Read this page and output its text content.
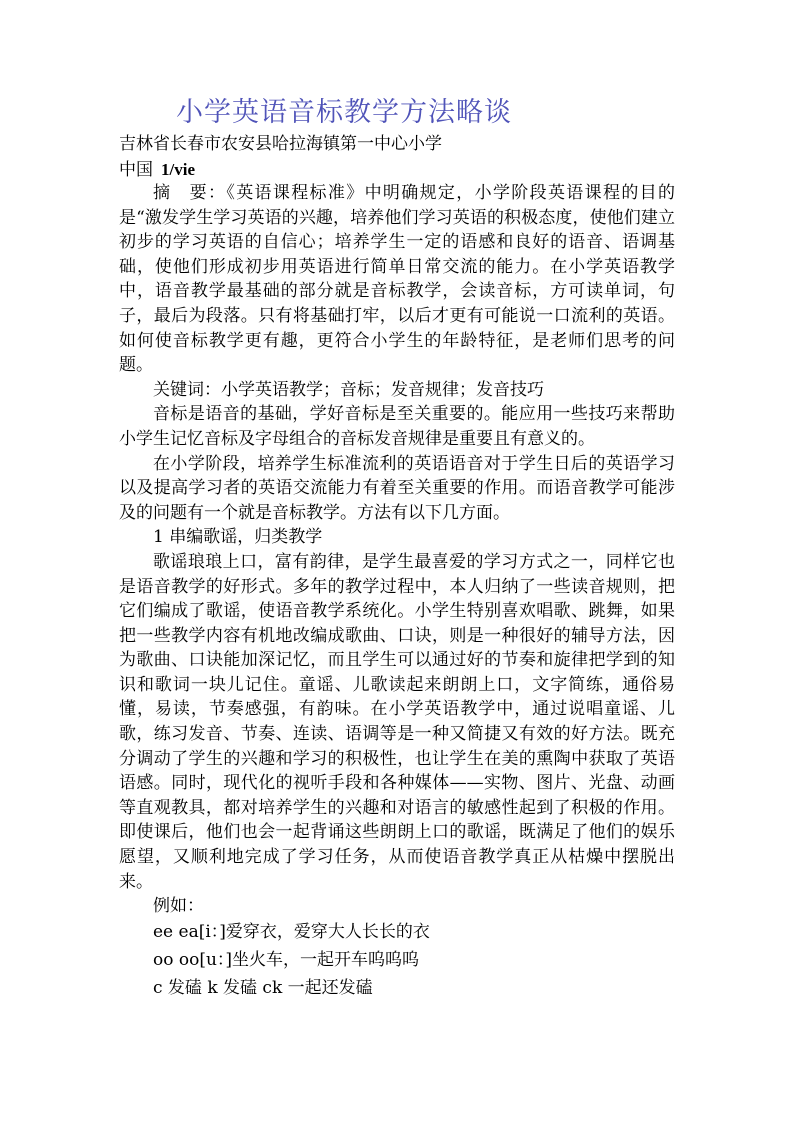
小学英语音标教学方法略谈
吉林省长春市农安县哈拉海镇第一中心小学
中国 1/vie

摘　要：《英语课程标准》中明确规定，小学阶段英语课程的目的是“激发学生学习英语的兴趣，培养他们学习英语的积极态度，使他们建立初步的学习英语的自信心；培养学生一定的语感和良好的语音、语调基础，使他们形成初步用英语进行简单日常交流的能力。在小学英语教学中，语音教学最基础的部分就是音标教学，会读音标，方可读单词，句子，最后为段落。只有将基础打牢，以后才更有可能说一口流利的英语。如何使音标教学更有趣，更符合小学生的年龄特征，是老师们思考的问题。

关键词：小学英语教学；音标；发音规律；发音技巧

音标是语音的基础，学好音标是至关重要的。能应用一些技巧来帮助小学生记忆音标及字母组合的音标发音规律是重要且有意义的。

在小学阶段，培养学生标准流利的英语语音对于学生日后的英语学习以及提高学习者的英语交流能力有着至关重要的作用。而语音教学可能涉及的问题有一个就是音标教学。方法有以下几方面。

1 串编歌谣，归类教学

歌谣琅琅上口，富有韵律，是学生最喜爱的学习方式之一，同样它也是语音教学的好形式。多年的教学过程中，本人归纳了一些读音规则，把它们编成了歌谣，使语音教学系统化。小学生特别喜欢唱歌、跳舞，如果把一些教学内容有机地改编成歌曲、口诀，则是一种很好的辅导方法，因为歌曲、口诀能加深记忆，而且学生可以通过好的节奏和旋律把学到的知识和歌词一块儿记住。童谣、儿歌读起来朗朗上口，文字简练，通俗易懂，易读，节奏感强，有韵味。在小学英语教学中，通过说唱童谣、儿歌，练习发音、节奏、连读、语调等是一种又简捷又有效的好方法。既充分调动了学生的兴趣和学习的积极性，也让学生在美的熏陶中获取了英语语感。同时，现代化的视听手段和各种媒体——实物、图片、光盘、动画等直观教具，都对培养学生的兴趣和对语言的敏感性起到了积极的作用。即使课后，他们也会一起背诵这些朗朗上口的歌谣，既满足了他们的娱乐愿望，又顺利地完成了学习任务，从而使语音教学真正从枯燥中摆脱出来。

例如：

ee ea[i：]爱穿衣，爱穿大人长长的衣
oo oo[u：]坐火车，一起开车呜呜呜
c 发磕 k 发磕 ck 一起还发磕
